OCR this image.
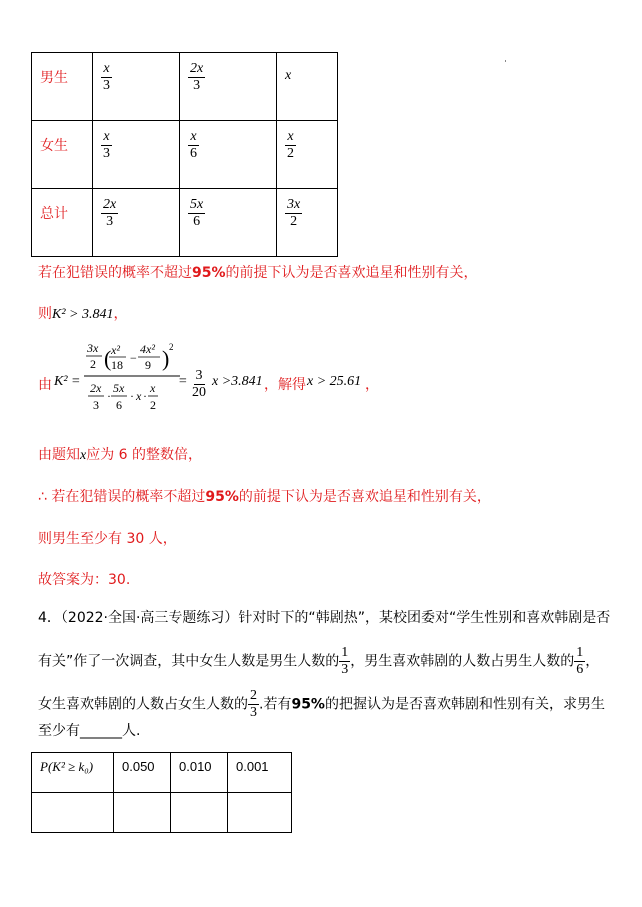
男生	$\frac{x}{3}$	$\frac{2x}{3}$	x
女生	$\frac{x}{3}$	$\frac{x}{6}$	$\frac{x}{2}$

总计	$\frac{2x}{3}$	$\frac{5x}{6}$	$\frac{3x}{2}$
若在犯错误的概率不超过95%的前提下认为是否喜欢追星和性别有关，
则K² > 3.841，
由 K² =
3x
2 ( x²
18 −
4x²
9 ) 2
2x
3
·
5x
6
· x ·
x
2
= $\frac{3}{20}$ x >3.841 ，解得 x > 25.61 ，
由题知x应为 6 的整数倍，
∴ 若在犯错误的概率不超过95%的前提下认为是否喜欢追星和性别有关，
则男生至少有 30 人，
故答案为：30.
4．（2022·全国·高三专题练习）针对时下的“韩剧热”，某校团委对“学生性别和喜欢韩剧是否
有关”作了一次调查，其中女生人数是男生人数的 $\frac{1}{3}$ ，男生喜欢韩剧的人数占男生人数的 $\frac{1}{6}$ ，
女生喜欢韩剧的人数占女生人数的 $\frac{2}{3}$ .若有95%的把握认为是否喜欢韩剧和性别有关，求男生
至少有______人.
P(K² ≥ k₀)	0.050	0.010	0.001
